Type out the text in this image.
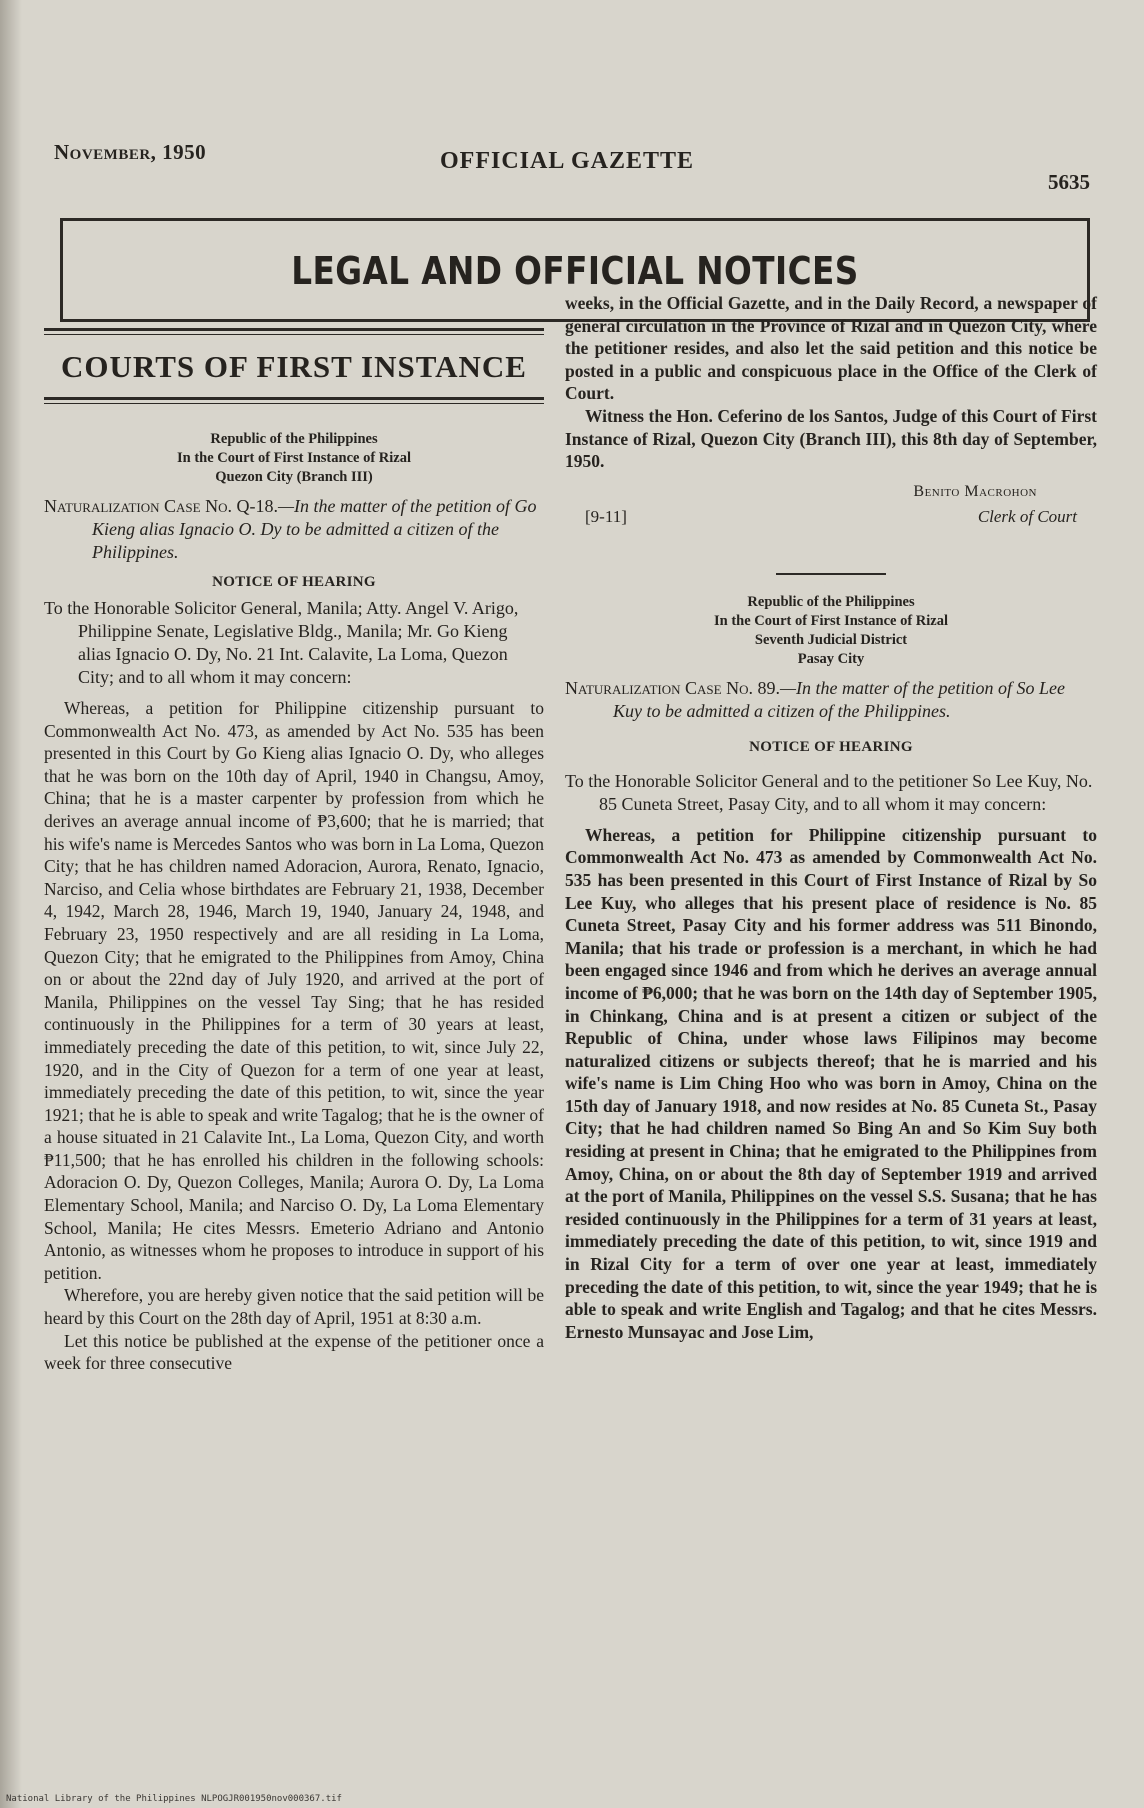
November, 1950	OFFICIAL GAZETTE
5635
LEGAL AND OFFICIAL NOTICES
COURTS OF FIRST INSTANCE
Republic of the Philippines
In the Court of First Instance of Rizal
Quezon City (Branch III)

Naturalization Case No. Q-18.—In the matter of the petition of Go Kieng alias Ignacio O. Dy to be admitted a citizen of the Philippines.

NOTICE OF HEARING

To the Honorable Solicitor General, Manila; Atty. Angel V. Arigo, Philippine Senate, Legislative Bldg., Manila; Mr. Go Kieng alias Ignacio O. Dy, No. 21 Int. Calavite, La Loma, Quezon City; and to all whom it may concern:

Whereas, a petition for Philippine citizenship pursuant to Commonwealth Act No. 473, as amended by Act No. 535 has been presented in this Court by Go Kieng alias Ignacio O. Dy, who alleges that he was born on the 10th day of April, 1940 in Changsu, Amoy, China; that he is a master carpenter by profession from which he derives an average annual income of ₱3,600; that he is married; that his wife's name is Mercedes Santos who was born in La Loma, Quezon City; that he has children named Adoracion, Aurora, Renato, Ignacio, Narciso, and Celia whose birthdates are February 21, 1938, December 4, 1942, March 28, 1946, March 19, 1940, January 24, 1948, and February 23, 1950 respectively and are all residing in La Loma, Quezon City; that he emigrated to the Philippines from Amoy, China on or about the 22nd day of July 1920, and arrived at the port of Manila, Philippines on the vessel Tay Sing; that he has resided continuously in the Philippines for a term of 30 years at least, immediately preceding the date of this petition, to wit, since July 22, 1920, and in the City of Quezon for a term of one year at least, immediately preceding the date of this petition, to wit, since the year 1921; that he is able to speak and write Tagalog; that he is the owner of a house situated in 21 Calavite Int., La Loma, Quezon City, and worth ₱11,500; that he has enrolled his children in the following schools: Adoracion O. Dy, Quezon Colleges, Manila; Aurora O. Dy, La Loma Elementary School, Manila; and Narciso O. Dy, La Loma Elementary School, Manila; He cites Messrs. Emeterio Adriano and Antonio Antonio, as witnesses whom he proposes to introduce in support of his petition.

Wherefore, you are hereby given notice that the said petition will be heard by this Court on the 28th day of April, 1951 at 8:30 a.m.

Let this notice be published at the expense of the petitioner once a week for three consecutive

weeks, in the Official Gazette, and in the Daily Record, a newspaper of general circulation in the Province of Rizal and in Quezon City, where the petitioner resides, and also let the said petition and this notice be posted in a public and conspicuous place in the Office of the Clerk of Court.

Witness the Hon. Ceferino de los Santos, Judge of this Court of First Instance of Rizal, Quezon City (Branch III), this 8th day of September, 1950.

Benito Macrohon
[9-11]	Clerk of Court
Republic of the Philippines
In the Court of First Instance of Rizal
Seventh Judicial District
Pasay City

Naturalization Case No. 89.—In the matter of the petition of So Lee Kuy to be admitted a citizen of the Philippines.

NOTICE OF HEARING

To the Honorable Solicitor General and to the petitioner So Lee Kuy, No. 85 Cuneta Street, Pasay City, and to all whom it may concern:

Whereas, a petition for Philippine citizenship pursuant to Commonwealth Act No. 473 as amended by Commonwealth Act No. 535 has been presented in this Court of First Instance of Rizal by So Lee Kuy, who alleges that his present place of residence is No. 85 Cuneta Street, Pasay City and his former address was 511 Binondo, Manila; that his trade or profession is a merchant, in which he had been engaged since 1946 and from which he derives an average annual income of ₱6,000; that he was born on the 14th day of September 1905, in Chinkang, China and is at present a citizen or subject of the Republic of China, under whose laws Filipinos may become naturalized citizens or subjects thereof; that he is married and his wife's name is Lim Ching Hoo who was born in Amoy, China on the 15th day of January 1918, and now resides at No. 85 Cuneta St., Pasay City; that he had children named So Bing An and So Kim Suy both residing at present in China; that he emigrated to the Philippines from Amoy, China, on or about the 8th day of September 1919 and arrived at the port of Manila, Philippines on the vessel S.S. Susana; that he has resided continuously in the Philippines for a term of 31 years at least, immediately preceding the date of this petition, to wit, since 1919 and in Rizal City for a term of over one year at least, immediately preceding the date of this petition, to wit, since the year 1949; that he is able to speak and write English and Tagalog; and that he cites Messrs. Ernesto Munsayac and Jose Lim,

National Library of the Philippines NLPOGJR001950nov000367.tif
